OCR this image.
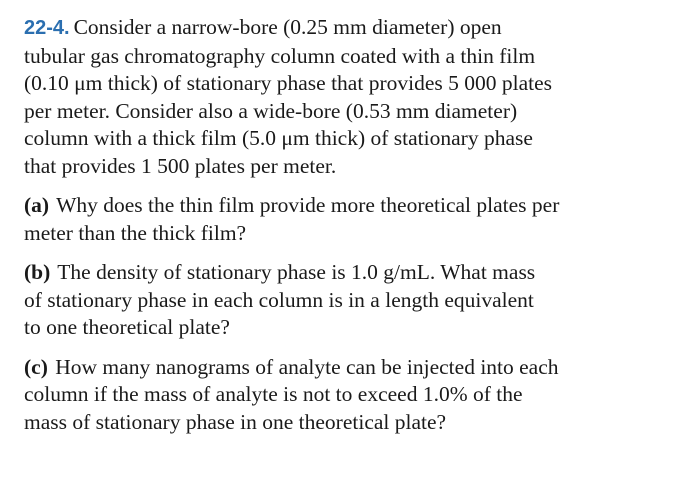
22-4. Consider a narrow-bore (0.25 mm diameter) open
tubular gas chromatography column coated with a thin film
(0.10 μm thick) of stationary phase that provides 5 000 plates
per meter. Consider also a wide-bore (0.53 mm diameter)
column with a thick film (5.0 μm thick) of stationary phase
that provides 1 500 plates per meter.

(a) Why does the thin film provide more theoretical plates per
meter than the thick film?

(b) The density of stationary phase is 1.0 g/mL. What mass
of stationary phase in each column is in a length equivalent
to one theoretical plate?

(c) How many nanograms of analyte can be injected into each
column if the mass of analyte is not to exceed 1.0% of the
mass of stationary phase in one theoretical plate?
